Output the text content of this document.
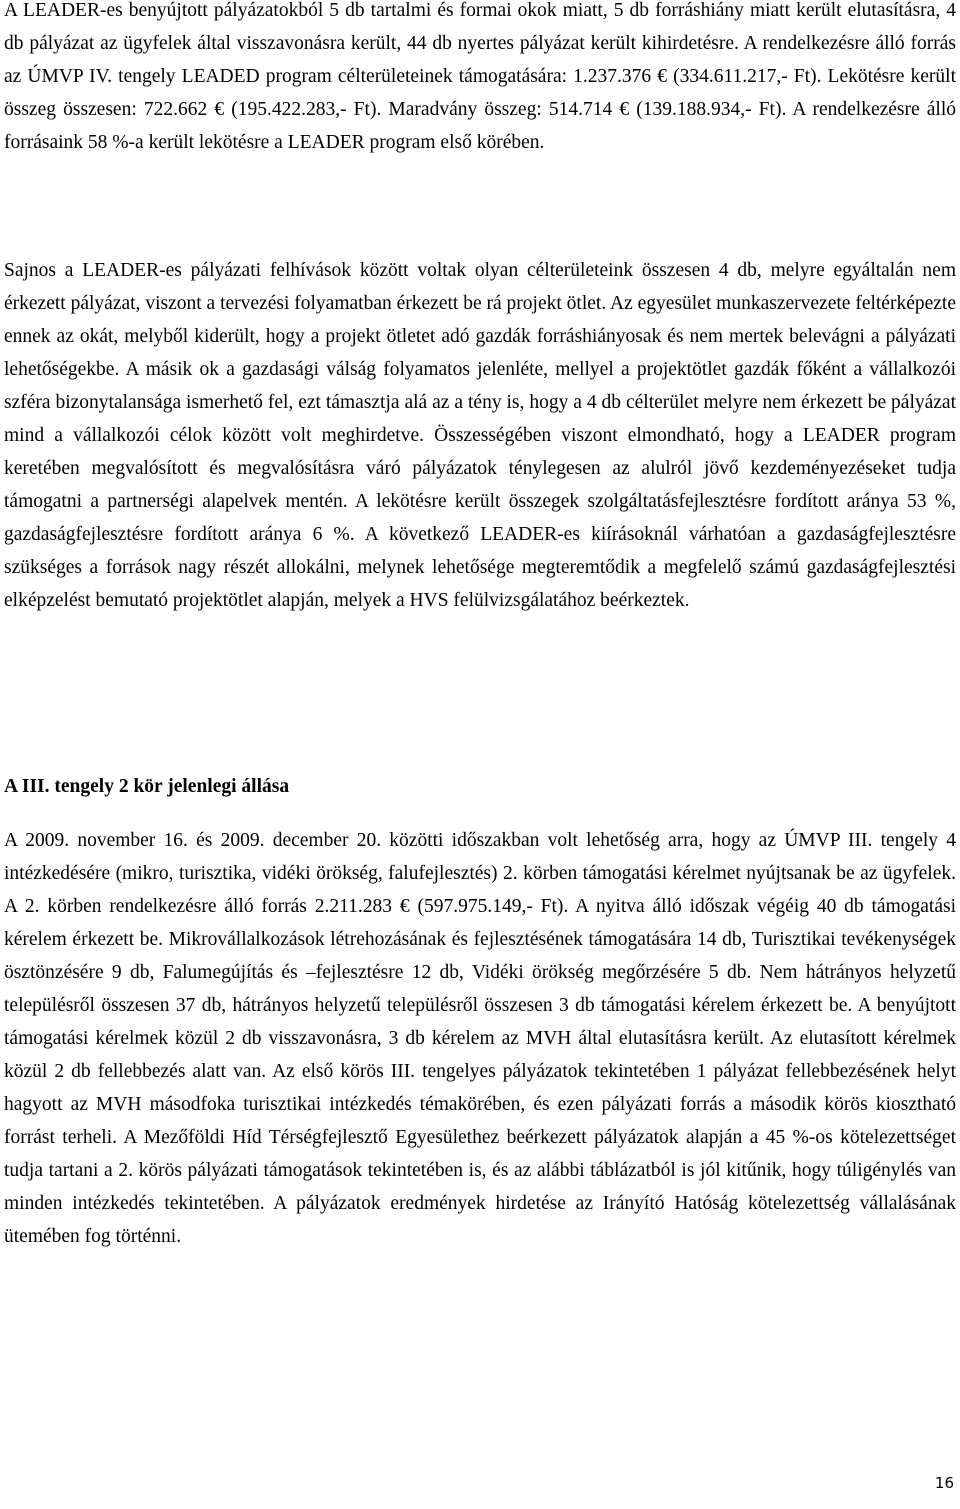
A LEADER-es benyújtott pályázatokból 5 db tartalmi és formai okok miatt, 5 db forráshiány miatt került elutasításra, 4 db pályázat az ügyfelek által visszavonásra került, 44 db nyertes pályázat került kihirdetésre. A rendelkezésre álló forrás az ÚMVP IV. tengely LEADED program célterületeinek támogatására: 1.237.376 € (334.611.217,- Ft). Lekötésre került összeg összesen: 722.662 € (195.422.283,- Ft). Maradvány összeg: 514.714 € (139.188.934,- Ft). A rendelkezésre álló forrásaink 58 %-a került lekötésre a LEADER program első körében.

Sajnos a LEADER-es pályázati felhívások között voltak olyan célterületeink összesen 4 db, melyre egyáltalán nem érkezett pályázat, viszont a tervezési folyamatban érkezett be rá projekt ötlet. Az egyesület munkaszervezete feltérképezte ennek az okát, melyből kiderült, hogy a projekt ötletet adó gazdák forráshiányosak és nem mertek belevágni a pályázati lehetőségekbe. A másik ok a gazdasági válság folyamatos jelenléte, mellyel a projektötlet gazdák főként a vállalkozói szféra bizonytalansága ismerhető fel, ezt támasztja alá az a tény is, hogy a 4 db célterület melyre nem érkezett be pályázat mind a vállalkozói célok között volt meghirdetve. Összességében viszont elmondható, hogy a LEADER program keretében megvalósított és megvalósításra váró pályázatok ténylegesen az alulról jövő kezdeményezéseket tudja támogatni a partnerségi alapelvek mentén. A lekötésre került összegek szolgáltatásfejlesztésre fordított aránya 53 %, gazdaságfejlesztésre fordított aránya 6 %. A következő LEADER-es kiírásoknál várhatóan a gazdaságfejlesztésre szükséges a források nagy részét allokálni, melynek lehetősége megteremtődik a megfelelő számú gazdaságfejlesztési elképzelést bemutató projektötlet alapján, melyek a HVS felülvizsgálatához beérkeztek.

A III. tengely 2 kör jelenlegi állása

A 2009. november 16. és 2009. december 20. közötti időszakban volt lehetőség arra, hogy az ÚMVP III. tengely 4 intézkedésére (mikro, turisztika, vidéki örökség, falufejlesztés) 2. körben támogatási kérelmet nyújtsanak be az ügyfelek. A 2. körben rendelkezésre álló forrás 2.211.283 € (597.975.149,- Ft). A nyitva álló időszak végéig 40 db támogatási kérelem érkezett be. Mikrovállalkozások létrehozásának és fejlesztésének támogatására 14 db, Turisztikai tevékenységek ösztönzésére 9 db, Falumegújítás és –fejlesztésre 12 db, Vidéki örökség megőrzésére 5 db. Nem hátrányos helyzetű településről összesen 37 db, hátrányos helyzetű településről összesen 3 db támogatási kérelem érkezett be. A benyújtott támogatási kérelmek közül 2 db visszavonásra, 3 db kérelem az MVH által elutasításra került. Az elutasított kérelmek közül 2 db fellebbezés alatt van. Az első körös III. tengelyes pályázatok tekintetében 1 pályázat fellebbezésének helyt hagyott az MVH másodfoka turisztikai intézkedés témakörében, és ezen pályázati forrás a második körös kiosztható forrást terheli. A Mezőföldi Híd Térségfejlesztő Egyesülethez beérkezett pályázatok alapján a 45 %-os kötelezettséget tudja tartani a 2. körös pályázati támogatások tekintetében is, és az alábbi táblázatból is jól kitűnik, hogy túligénylés van minden intézkedés tekintetében. A pályázatok eredmények hirdetése az Irányító Hatóság kötelezettség vállalásának ütemében fog történni.

16
